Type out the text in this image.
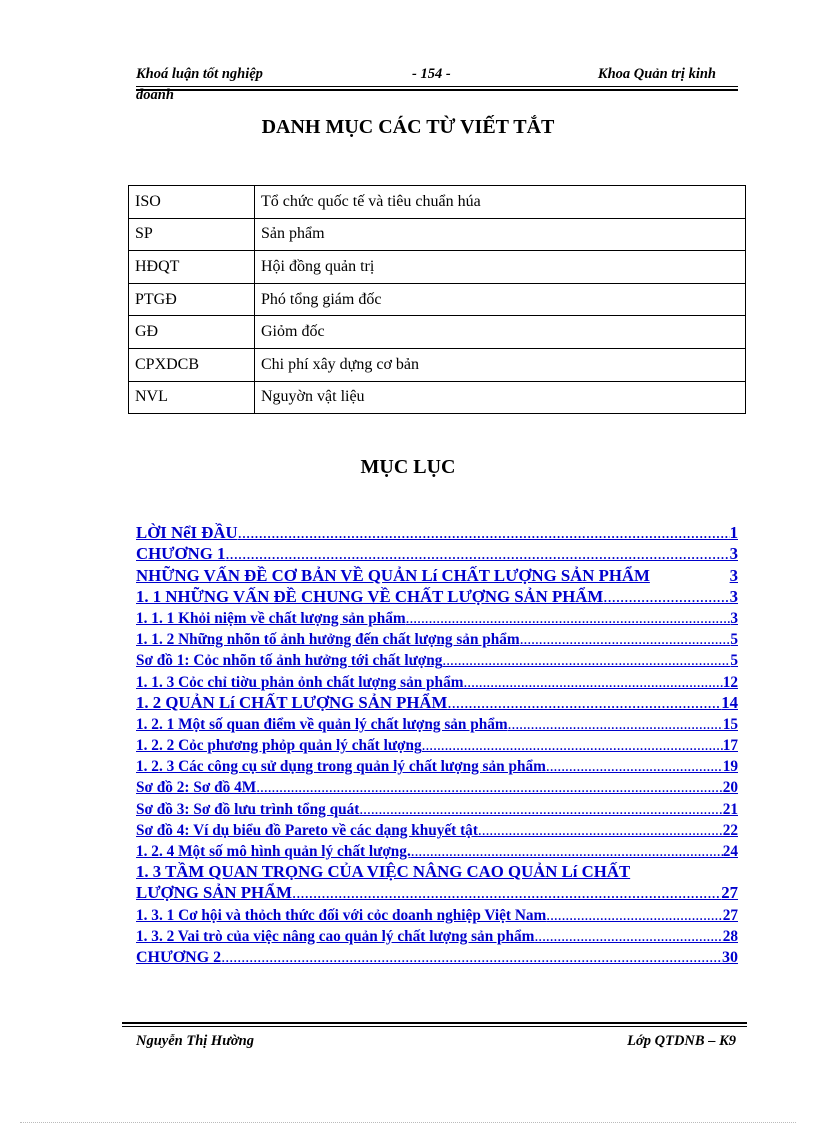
Khoá luận tốt nghiệp	- 154 -	Khoa Quản trị kinh
doanh
DANH MỤC CÁC TỪ VIẾT TẮT
ISO	Tổ chức quốc tế và tiêu chuẩn húa
SP	Sản phẩm
HĐQT	Hội đồng quản trị
PTGĐ	Phó tổng giám đốc
GĐ	Giỏm đốc
CPXDCB	Chi phí xây dựng cơ bản
NVL	Nguyờn vật liệu
MỤC LỤC
LỜI NểI ĐẦU .....	1
CHƯƠNG 1 .....	3
NHỮNG VẤN ĐỀ CƠ BẢN VỀ QUẢN Lí CHẤT LƯỢNG SẢN PHẨM	3
1. 1 NHỮNG VẤN ĐỀ CHUNG VỀ CHẤT LƯỢNG SẢN PHẨM .....	3
1. 1. 1 Khỏi niệm về chất lượng sản phẩm .....	3
1. 1. 2 Những nhõn tố ảnh hưởng đến chất lượng sản phẩm .....	5
Sơ đồ 1: Cỏc nhõn tố ảnh hưởng tới chất lượng .....	5
1. 1. 3 Cỏc chỉ tiờu phản ỏnh chất lượng sản phẩm .....	12
1. 2 QUẢN Lí CHẤT LƯỢNG SẢN PHẨM .....	14
1. 2. 1 Một số quan điểm về quản lý chất lượng sản phẩm .....	15
1. 2. 2 Cỏc phương phỏp quản lý chất lượng .....	17
1. 2. 3 Các công cụ sử dụng trong quản lý chất lượng sản phẩm .....	19
Sơ đồ 2: Sơ đồ 4M .....	20
Sơ đồ 3: Sơ đồ lưu trình tổng quát .....	21
Sơ đồ 4: Ví dụ biểu đồ Pareto về các dạng khuyết tật .....	22
1. 2. 4 Một số mô hình quản lý chất lượng. .....	24
1. 3 TẦM QUAN TRỌNG CỦA VIỆC NÂNG CAO QUẢN Lí CHẤT
LƯỢNG SẢN PHẨM .....	27
1. 3. 1 Cơ hội và thỏch thức đối với cỏc doanh nghiệp Việt Nam .....	27
1. 3. 2 Vai trò của việc nâng cao quản lý chất lượng sản phẩm .....	28
CHƯƠNG 2 .....	30
Nguyễn Thị Hường	Lớp QTDNB – K9
